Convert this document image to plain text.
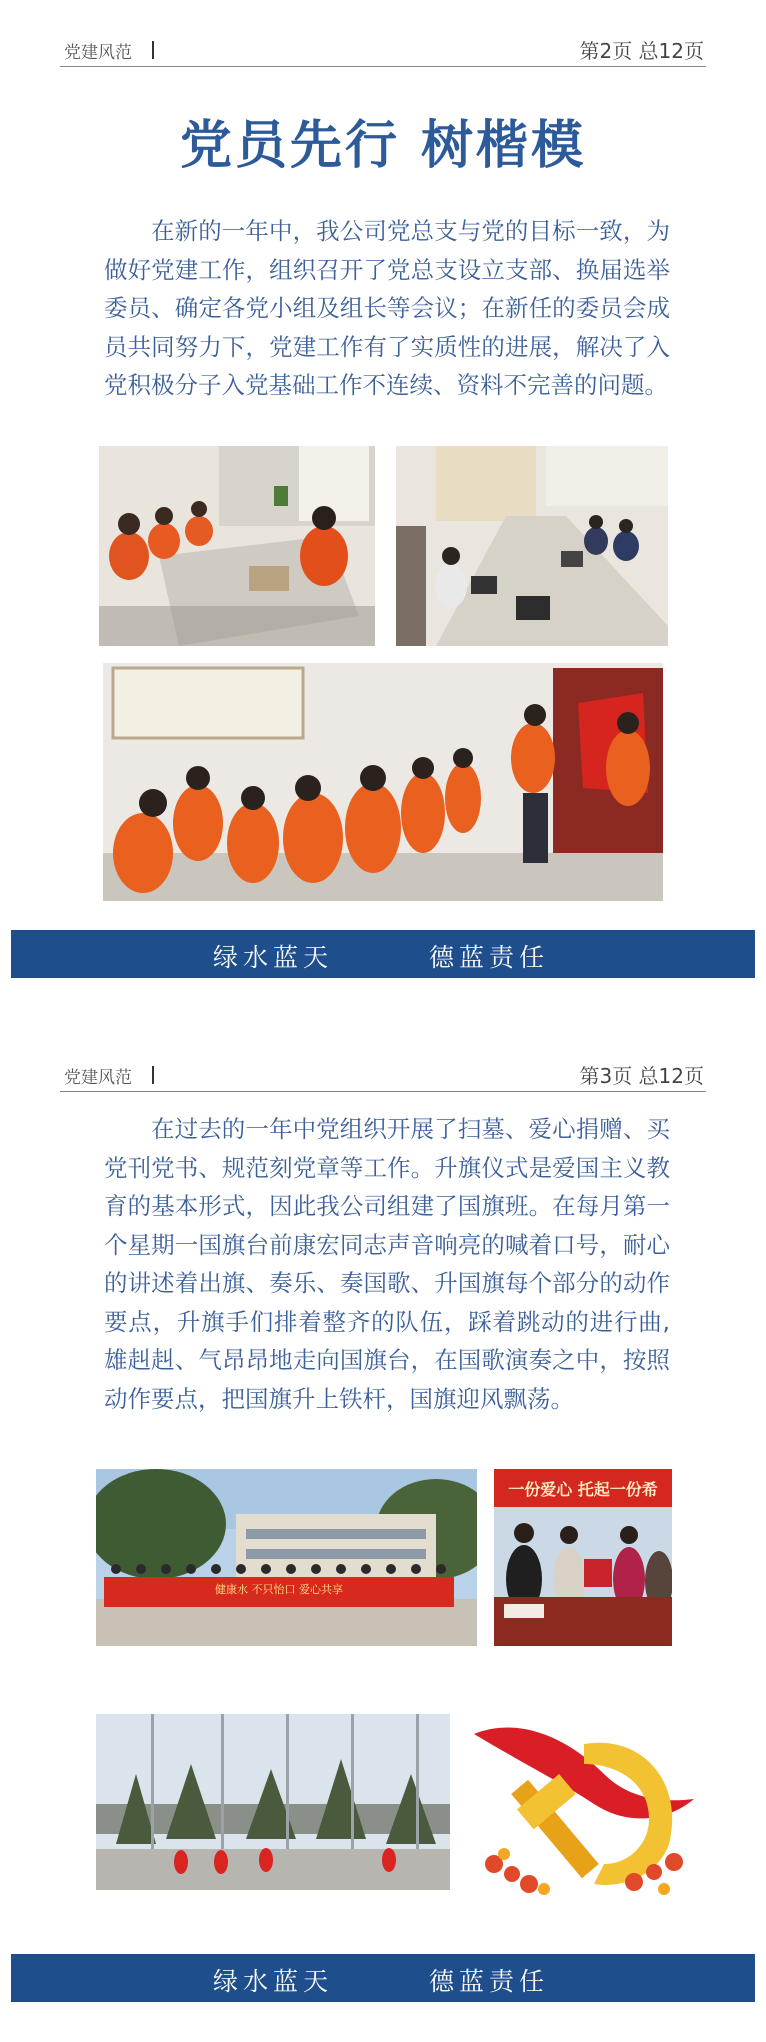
党建风范	第2页 总12页
党员先行 树楷模

在新的一年中，我公司党总支与党的目标一致，为做好党建工作，组织召开了党总支设立支部、换届选举委员、确定各党小组及组长等会议；在新任的委员会成员共同努力下，党建工作有了实质性的进展，解决了入党积极分子入党基础工作不连续、资料不完善的问题。

绿水蓝天	德蓝责任
党建风范	第3页 总12页

在过去的一年中党组织开展了扫墓、爱心捐赠、买党刊党书、规范刻党章等工作。升旗仪式是爱国主义教育的基本形式，因此我公司组建了国旗班。在每月第一个星期一国旗台前康宏同志声音响亮的喊着口号，耐心的讲述着出旗、奏乐、奏国歌、升国旗每个部分的动作要点，升旗手们排着整齐的队伍，踩着跳动的进行曲,雄赳赳、气昂昂地走向国旗台，在国歌演奏之中，按照动作要点，把国旗升上铁杆，国旗迎风飘荡。

健康水 不只怡口 爱心共享
一份爱心 托起一份希
绿水蓝天	德蓝责任
